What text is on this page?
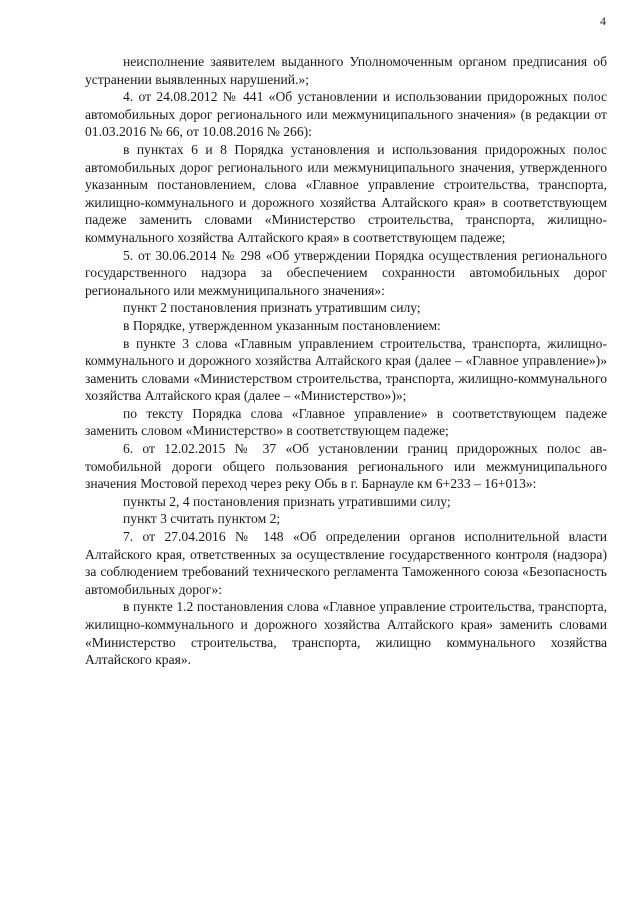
4

неисполнение заявителем выданного Уполномоченным органом предписания об устранении выявленных нарушений.»;

4. от 24.08.2012 № 441 «Об установлении и использовании придорожных полос автомобильных дорог регионального или межмуниципального значения» (в редакции от 01.03.2016 № 66, от 10.08.2016 № 266):

в пунктах 6 и 8 Порядка установления и использования придорожных полос автомобильных дорог регионального или межмуниципального значения, утвержденного указанным постановлением, слова «Главное управление строительства, транспорта, жилищно-коммунального и дорожного хозяйства Алтайского края» в соответствующем падеже заменить словами «Министерство строительства, транспорта, жилищно-коммунального хозяйства Алтайского края» в соответствующем падеже;

5. от 30.06.2014 № 298 «Об утверждении Порядка осуществления регионального государственного надзора за обеспечением сохранности автомобильных дорог регионального или межмуниципального значения»:

пункт 2 постановления признать утратившим силу;

в Порядке, утвержденном указанным постановлением:

в пункте 3 слова «Главным управлением строительства, транспорта, жилищно-коммунального и дорожного хозяйства Алтайского края (далее – «Главное управление»)» заменить словами «Министерством строительства, транспорта, жилищно-коммунального хозяйства Алтайского края (далее – «Министерство»)»;

по тексту Порядка слова «Главное управление» в соответствующем падеже заменить словом «Министерство» в соответствующем падеже;

6. от 12.02.2015 № 37 «Об установлении границ придорожных полос автомобильной дороги общего пользования регионального или межмуниципального значения Мостовой переход через реку Обь в г. Барнауле км 6+233 – 16+013»:

пункты 2, 4 постановления признать утратившими силу;

пункт 3 считать пунктом 2;

7. от 27.04.2016 № 148 «Об определении органов исполнительной власти Алтайского края, ответственных за осуществление государственного контроля (надзора) за соблюдением требований технического регламента Таможенного союза «Безопасность автомобильных дорог»:

в пункте 1.2 постановления слова «Главное управление строительства, транспорта, жилищно-коммунального и дорожного хозяйства Алтайского края» заменить словами «Министерство строительства, транспорта, жилищно коммунального хозяйства Алтайского края».
